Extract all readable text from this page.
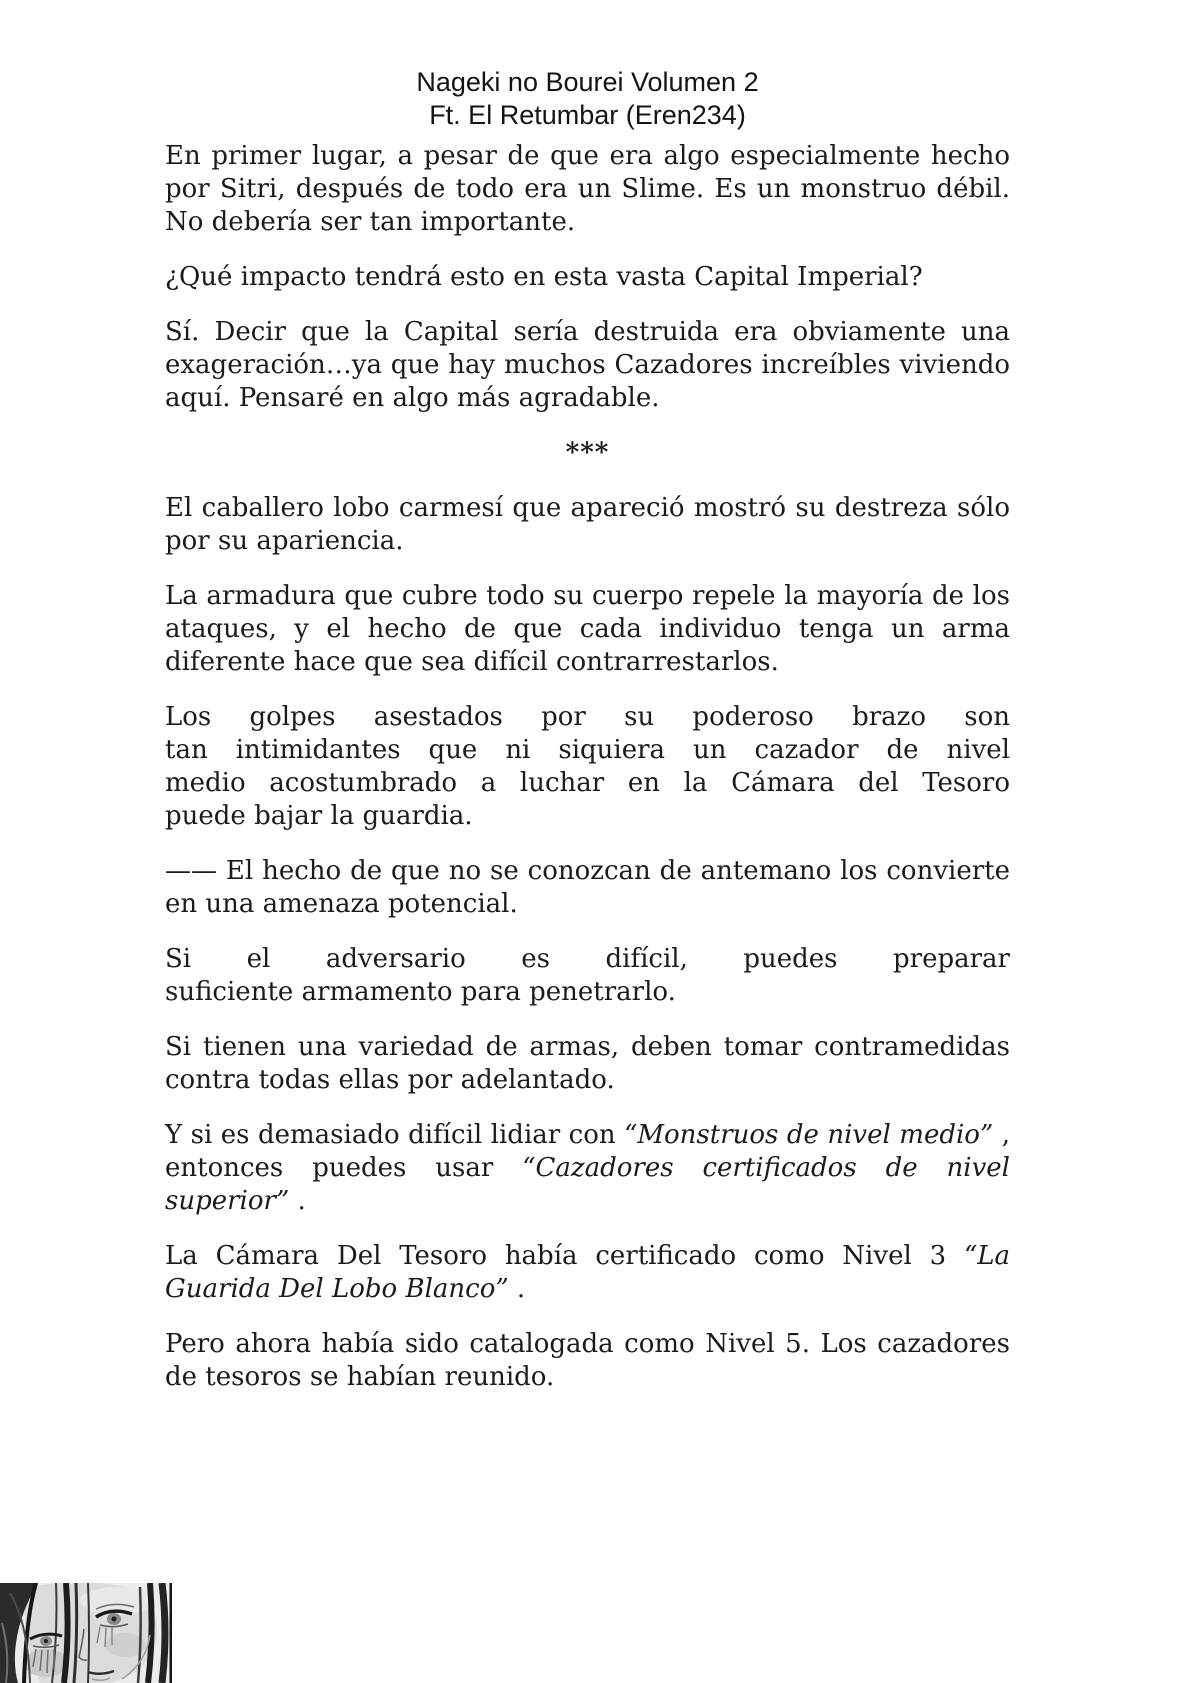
Nageki no Bourei Volumen 2
Ft. El Retumbar (Eren234)
En primer lugar, a pesar de que era algo especialmente hecho
por Sitri, después de todo era un Slime. Es un monstruo débil.
No debería ser tan importante.
¿Qué impacto tendrá esto en esta vasta Capital Imperial?
Sí. Decir que la Capital sería destruida era obviamente una
exageración…ya que hay muchos Cazadores increíbles viviendo
aquí. Pensaré en algo más agradable.
***
El caballero lobo carmesí que apareció mostró su destreza sólo
por su apariencia.
La armadura que cubre todo su cuerpo repele la mayoría de los
ataques, y el hecho de que cada individuo tenga un arma
diferente hace que sea difícil contrarrestarlos.
Los golpes asestados por su poderoso brazo son
tan intimidantes que ni siquiera un cazador de nivel
medio acostumbrado a luchar en la Cámara del Tesoro
puede bajar la guardia.
—— El hecho de que no se conozcan de antemano los convierte
en una amenaza potencial.
Si el adversario es difícil, puedes preparar
suficiente armamento para penetrarlo.
Si tienen una variedad de armas, deben tomar contramedidas
contra todas ellas por adelantado.
Y si es demasiado difícil lidiar con “Monstruos de nivel medio” ,
entonces puedes usar “Cazadores certificados de nivel
superior” .
La Cámara Del Tesoro había certificado como Nivel 3 “La
Guarida Del Lobo Blanco” .
Pero ahora había sido catalogada como Nivel 5. Los cazadores
de tesoros se habían reunido.
